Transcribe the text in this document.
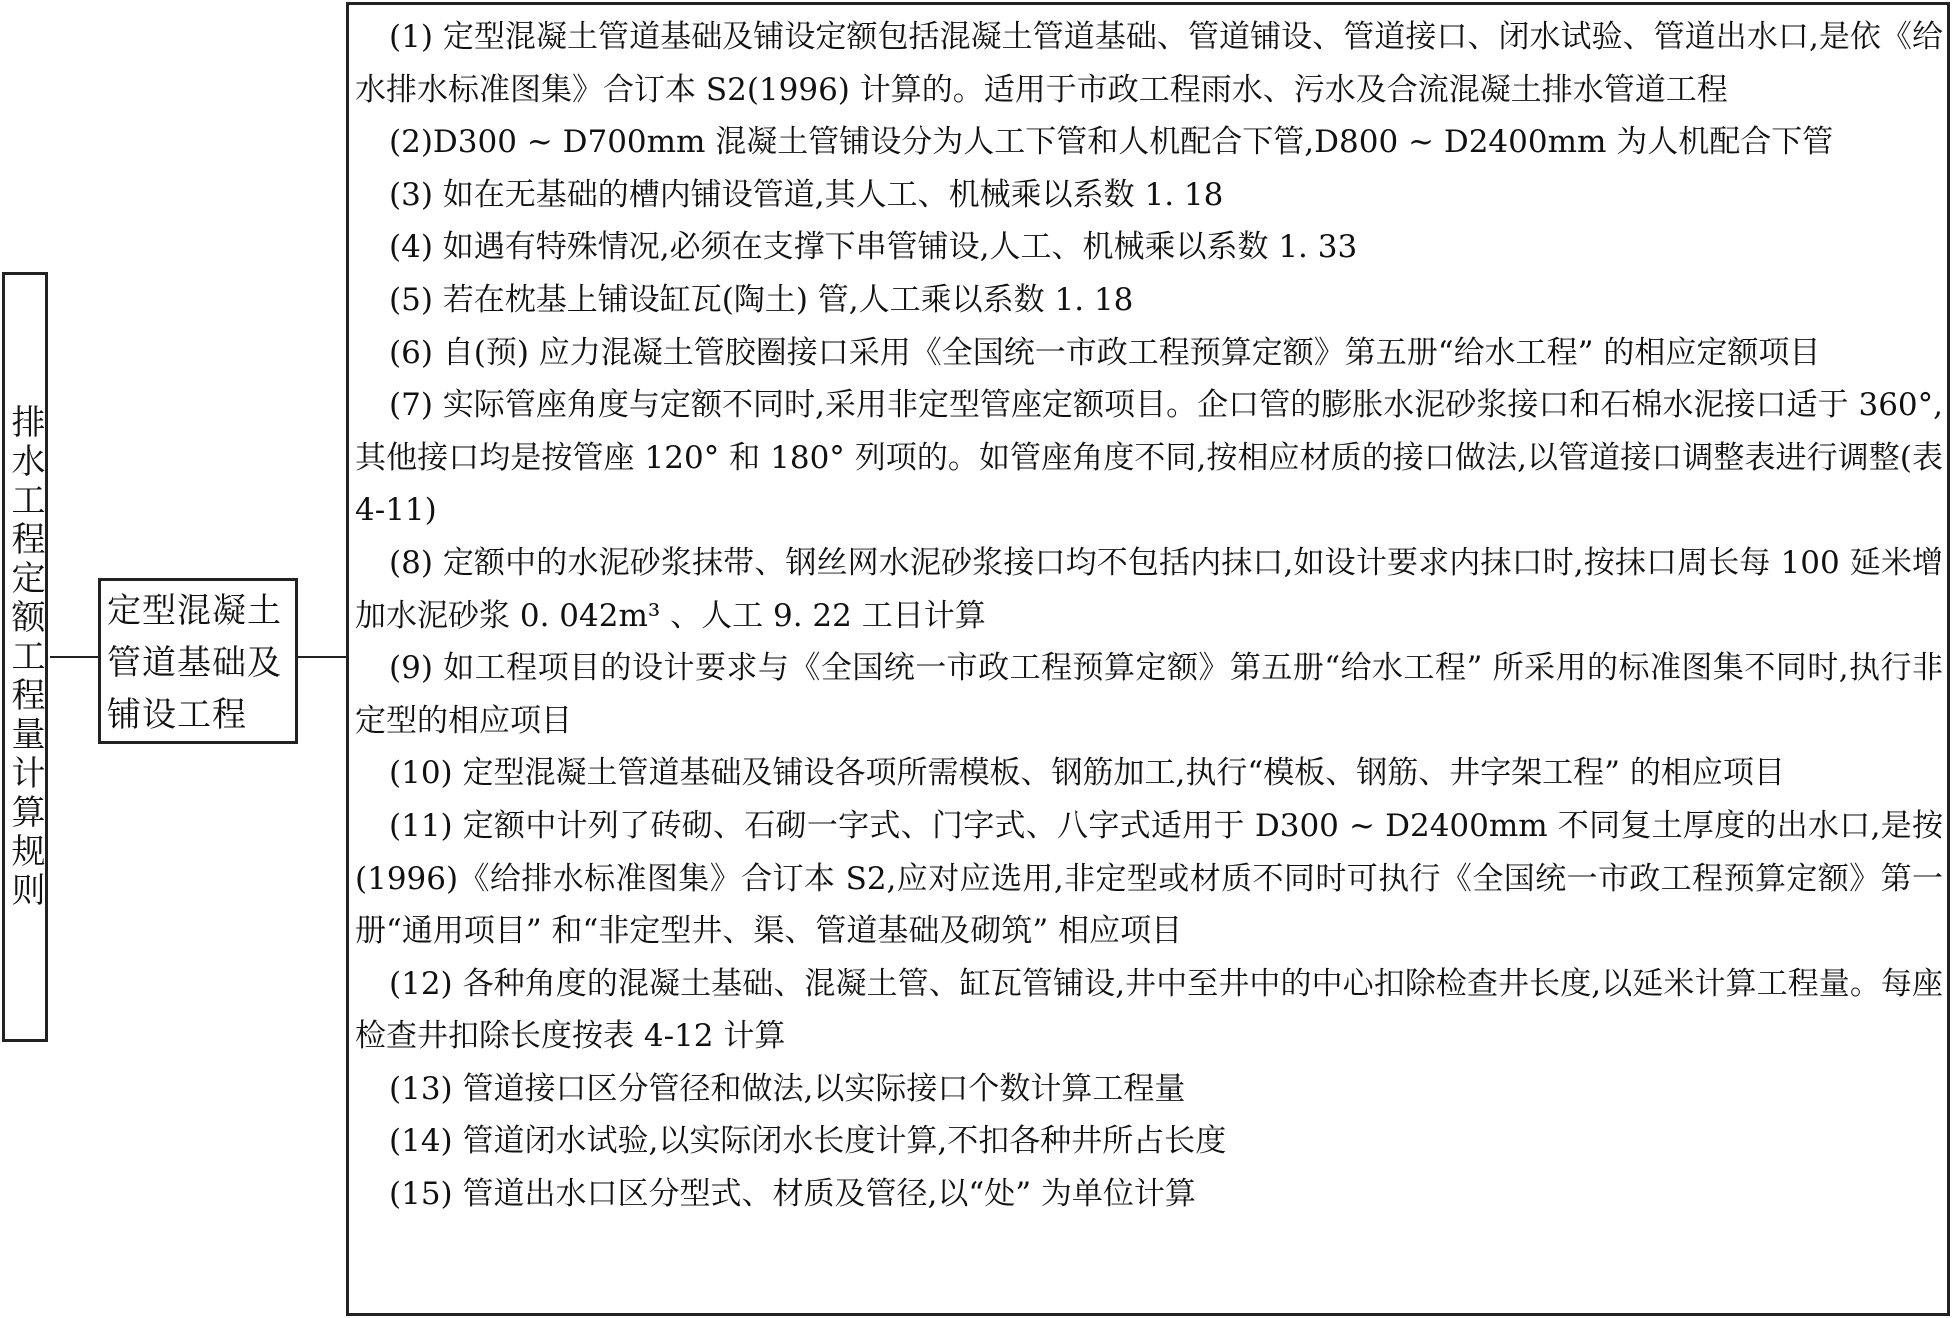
排水工程定额工程量计算规则 定型混凝土管道基础及铺设工程

(1) 定型混凝土管道基础及铺设定额包括混凝土管道基础、管道铺设、管道接口、闭水试验、管道出水口,是依《给水排水标准图集》合订本 S2(1996) 计算的。适用于市政工程雨水、污水及合流混凝土排水管道工程

(2)D300 ~ D700mm 混凝土管铺设分为人工下管和人机配合下管,D800 ~ D2400mm 为人机配合下管

(3) 如在无基础的槽内铺设管道,其人工、机械乘以系数 1. 18

(4) 如遇有特殊情况,必须在支撑下串管铺设,人工、机械乘以系数 1. 33

(5) 若在枕基上铺设缸瓦(陶土) 管,人工乘以系数 1. 18

(6) 自(预) 应力混凝土管胶圈接口采用《全国统一市政工程预算定额》第五册“给水工程” 的相应定额项目

(7) 实际管座角度与定额不同时,采用非定型管座定额项目。企口管的膨胀水泥砂浆接口和石棉水泥接口适于 360°,其他接口均是按管座 120° 和 180° 列项的。如管座角度不同,按相应材质的接口做法,以管道接口调整表进行调整(表 4-11)

(8) 定额中的水泥砂浆抹带、钢丝网水泥砂浆接口均不包括内抹口,如设计要求内抹口时,按抹口周长每 100 延米增加水泥砂浆 0. 042m³ 、人工 9. 22 工日计算

(9) 如工程项目的设计要求与《全国统一市政工程预算定额》第五册“给水工程” 所采用的标准图集不同时,执行非定型的相应项目

(10) 定型混凝土管道基础及铺设各项所需模板、钢筋加工,执行“模板、钢筋、井字架工程” 的相应项目

(11) 定额中计列了砖砌、石砌一字式、门字式、八字式适用于 D300 ~ D2400mm 不同复土厚度的出水口,是按(1996)《给排水标准图集》合订本 S2,应对应选用,非定型或材质不同时可执行《全国统一市政工程预算定额》第一册“通用项目” 和“非定型井、渠、管道基础及砌筑” 相应项目

(12) 各种角度的混凝土基础、混凝土管、缸瓦管铺设,井中至井中的中心扣除检查井长度,以延米计算工程量。每座检查井扣除长度按表 4-12 计算

(13) 管道接口区分管径和做法,以实际接口个数计算工程量

(14) 管道闭水试验,以实际闭水长度计算,不扣各种井所占长度

(15) 管道出水口区分型式、材质及管径,以“处” 为单位计算
